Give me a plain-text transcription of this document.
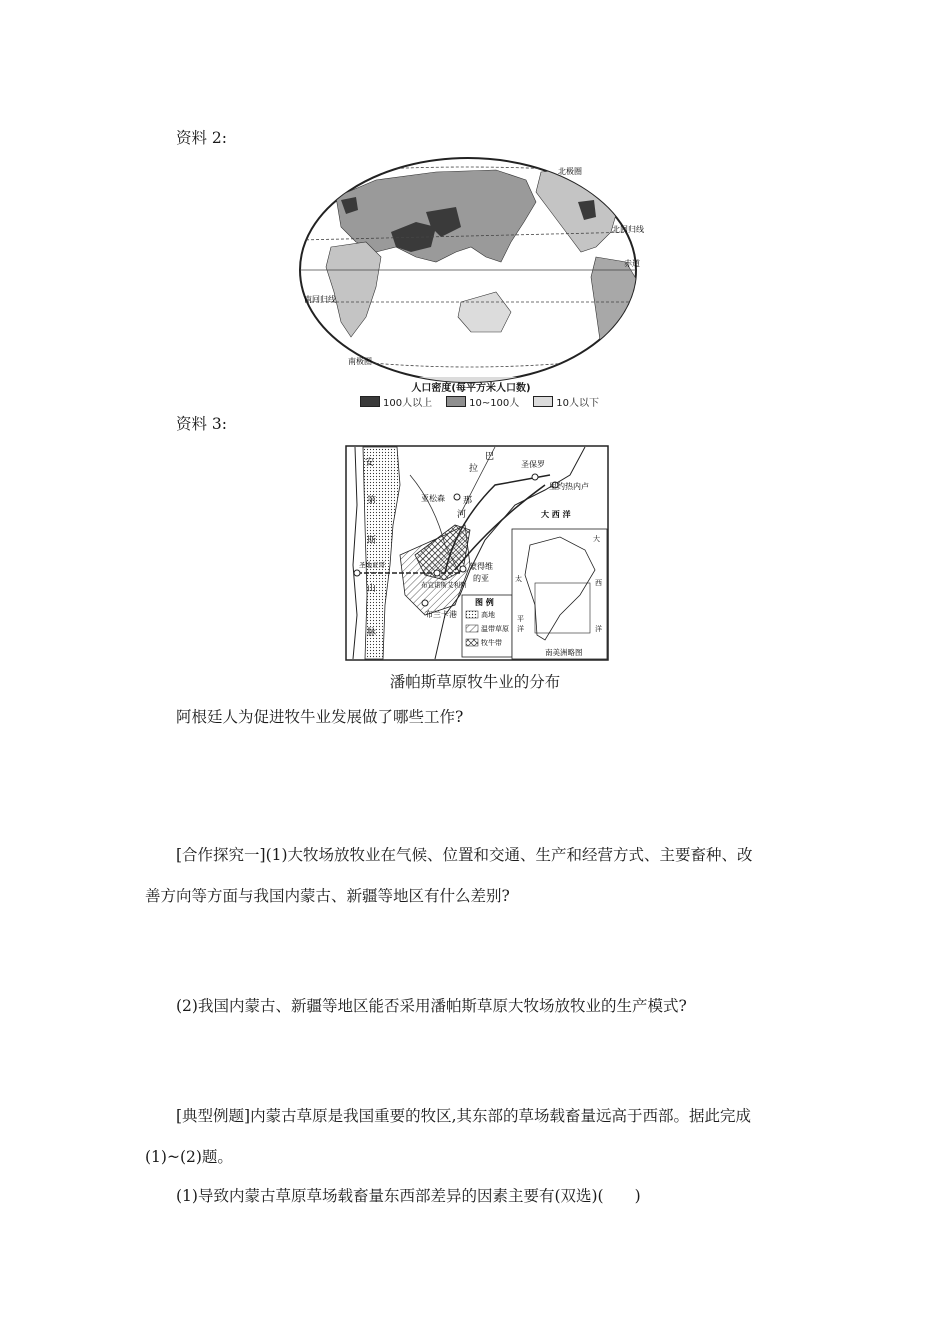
资料 2:
北极圈
北回归线
赤道
南回归线
南极圈
人口密度(每平方米人口数)
100人以上	10~100人	10人以下
资料 3:
安
第
斯
山
脉
巴
拉
那
河
亚松森
圣保罗
里约热内卢
大 西 洋
圣地亚哥	蒙得维
的亚
布宜诺斯艾利斯
布兰卡港
图 例
高地
温带草原
牧牛带
大
西
洋
太
平
洋
南美洲略图
潘帕斯草原牧牛业的分布
阿根廷人为促进牧牛业发展做了哪些工作?
[合作探究一](1)大牧场放牧业在气候、位置和交通、生产和经营方式、主要畜种、改
善方向等方面与我国内蒙古、新疆等地区有什么差别?
(2)我国内蒙古、新疆等地区能否采用潘帕斯草原大牧场放牧业的生产模式?
[典型例题]内蒙古草原是我国重要的牧区,其东部的草场载畜量远高于西部。据此完成
(1)~(2)题。
(1)导致内蒙古草原草场载畜量东西部差异的因素主要有(双选)(　　)
